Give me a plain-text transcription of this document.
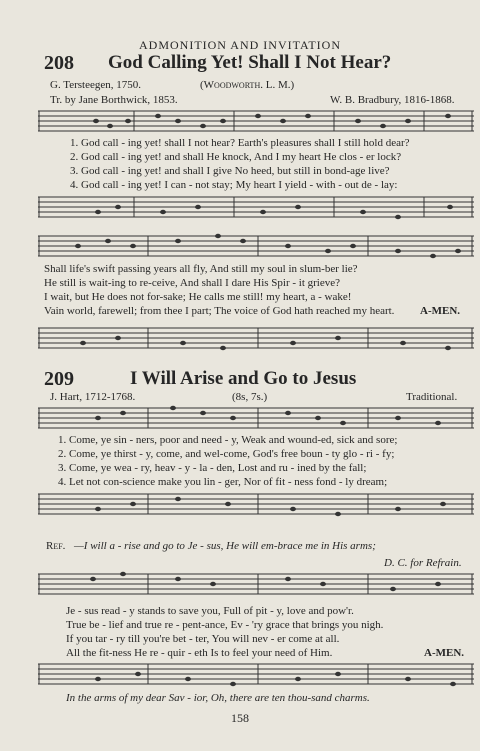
ADMONITION AND INVITATION
208 God Calling Yet! Shall I Not Hear?
G. Tersteegen, 1750.	(Woodworth. L. M.)
Tr. by Jane Borthwick, 1853.	W. B. Bradbury, 1816-1868.
1. God call - ing yet! shall I not hear? Earth's pleasures shall I still hold dear?
2. God call - ing yet! and shall He knock, And I my heart He clos - er lock?
3. God call - ing yet! and shall I give No heed, but still in bond-age live?
4. God call - ing yet! I can - not stay; My heart I yield - with - out de - lay:
Shall life's swift passing years all fly, And still my soul in slum-ber lie?
He still is wait-ing to re-ceive, And shall I dare His Spir - it grieve?
I wait, but He does not for-sake; He calls me still! my heart, a - wake!
Vain world, farewell; from thee I part; The voice of God hath reached my heart. A-MEN.
209	I Will Arise and Go to Jesus
J. Hart, 1712-1768.	(8s, 7s.)	Traditional.
1. Come, ye sin - ners, poor and need - y, Weak and wound-ed, sick and sore;
2. Come, ye thirst - y, come, and wel-come, God's free boun - ty glo - ri - fy;
3. Come, ye wea - ry, heav - y - la - den, Lost and ru - ined by the fall;
4. Let not con-science make you lin - ger, Nor of fit - ness fond - ly dream;
Ref. —I will a - rise and go to Je - sus, He will em-brace me in His arms;
D. C. for Refrain.
Je - sus read - y stands to save you, Full of pit - y, love and pow'r.
True be - lief and true re - pent-ance, Ev - 'ry grace that brings you nigh.
If you tar - ry till you're bet - ter, You will nev - er come at all.
All the fit-ness He re - quir - eth Is to feel your need of Him.	A-MEN.
In the arms of my dear Sav - ior, Oh, there are ten thou-sand charms.
158
